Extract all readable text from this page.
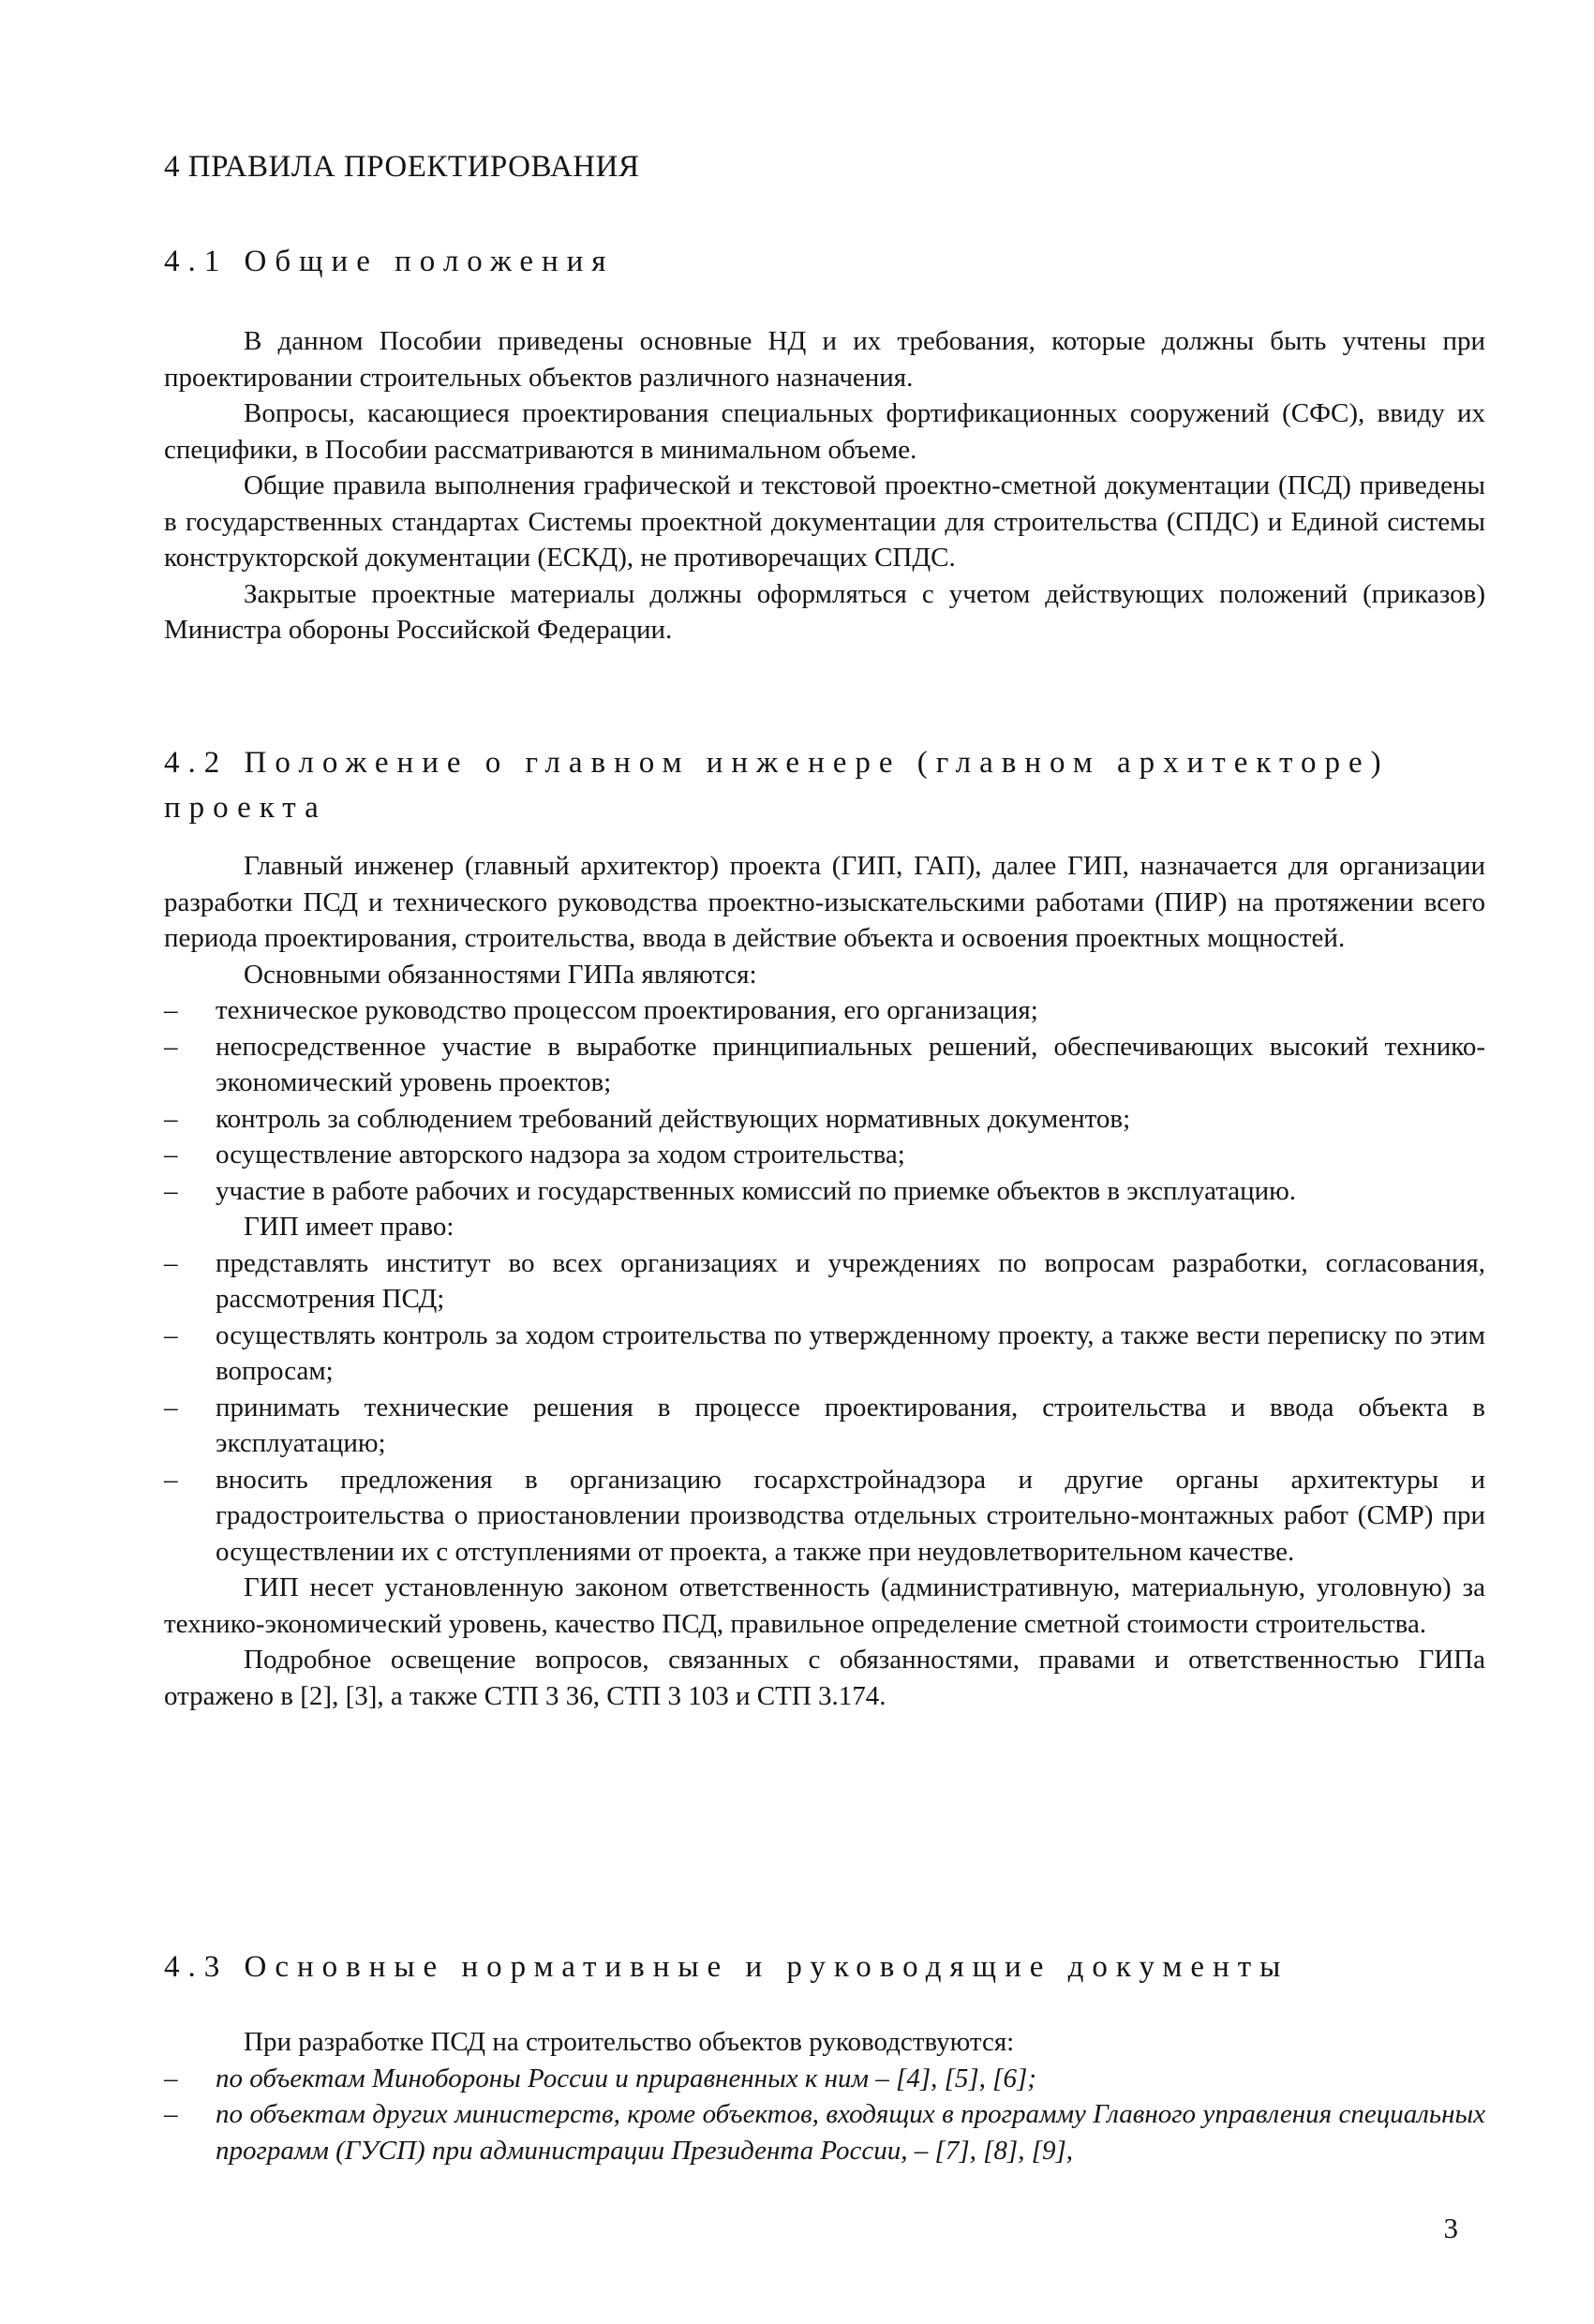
4 ПРАВИЛА ПРОЕКТИРОВАНИЯ
4.1 Общие положения

В данном Пособии приведены основные НД и их требования, которые должны быть учтены при проектировании строительных объектов различного назначения.

Вопросы, касающиеся проектирования специальных фортификационных сооружений (СФС), ввиду их специфики, в Пособии рассматриваются в минимальном объеме.

Общие правила выполнения графической и текстовой проектно-сметной документации (ПСД) приведены в государственных стандартах Системы проектной документации для строительства (СПДС) и Единой системы конструкторской документации (ЕСКД), не противоречащих СПДС.

Закрытые проектные материалы должны оформляться с учетом действующих положений (приказов) Министра обороны Российской Федерации.

4.2 Положение о главном инженере (главном архитекторе) проекта

Главный инженер (главный архитектор) проекта (ГИП, ГАП), далее ГИП, назначается для организации разработки ПСД и технического руководства проектно-изыскательскими работами (ПИР) на протяжении всего периода проектирования, строительства, ввода в действие объекта и освоения проектных мощностей.

Основными обязанностями ГИПа являются:

– техническое руководство процессом проектирования, его организация;
– непосредственное участие в выработке принципиальных решений, обеспечивающих высокий технико-экономический уровень проектов;
– контроль за соблюдением требований действующих нормативных документов;
– осуществление авторского надзора за ходом строительства;
– участие в работе рабочих и государственных комиссий по приемке объектов в эксплуатацию.

ГИП имеет право:

– представлять институт во всех организациях и учреждениях по вопросам разработки, согласования, рассмотрения ПСД;
– осуществлять контроль за ходом строительства по утвержденному проекту, а также вести переписку по этим вопросам;
– принимать технические решения в процессе проектирования, строительства и ввода объекта в эксплуатацию;
– вносить предложения в организацию госархстройнадзора и другие органы архитектуры и градостроительства о приостановлении производства отдельных строительно-монтажных работ (СМР) при осуществлении их с отступлениями от проекта, а также при неудовлетворительном качестве.

ГИП несет установленную законом ответственность (административную, материальную, уголовную) за технико-экономический уровень, качество ПСД, правильное определение сметной стоимости строительства.

Подробное освещение вопросов, связанных с обязанностями, правами и ответственностью ГИПа отражено в [2], [3], а также СТП 3 36, СТП 3 103 и СТП 3.174.

4.3 Основные нормативные и руководящие документы

При разработке ПСД на строительство объектов руководствуются:

– по объектам Минобороны России и приравненных к ним – [4], [5], [6];
– по объектам других министерств, кроме объектов, входящих в программу Главного управления специальных программ (ГУСП) при администрации Президента России, – [7], [8], [9],
3
